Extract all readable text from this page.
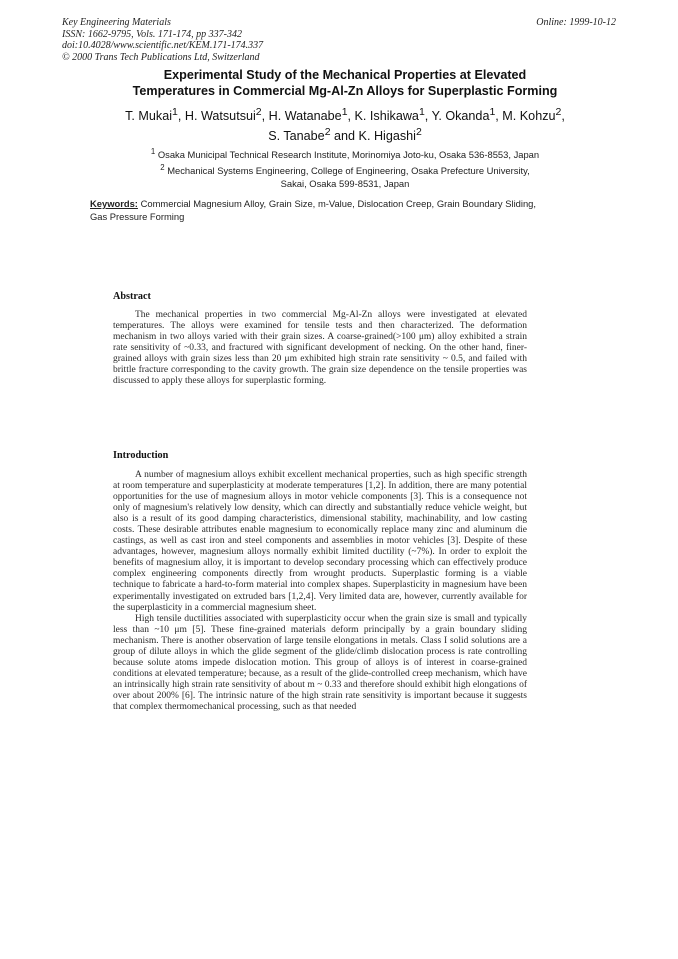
Key Engineering Materials
ISSN: 1662-9795, Vols. 171-174, pp 337-342
doi:10.4028/www.scientific.net/KEM.171-174.337
© 2000 Trans Tech Publications Ltd, Switzerland
Online: 1999-10-12
Experimental Study of the Mechanical Properties at Elevated
Temperatures in Commercial Mg-Al-Zn Alloys for Superplastic Forming
T. Mukai$^1$, H. Watsutsui$^2$, H. Watanabe$^1$, K. Ishikawa$^1$, Y. Okanda$^1$, M. Kohzu$^2$,
S. Tanabe$^2$ and K. Higashi$^2$
$^1$ Osaka Municipal Technical Research Institute, Morinomiya Joto-ku, Osaka 536-8553, Japan
$^2$ Mechanical Systems Engineering, College of Engineering, Osaka Prefecture University,
Sakai, Osaka 599-8531, Japan
Keywords: Commercial Magnesium Alloy, Grain Size, m-Value, Dislocation Creep, Grain Boundary Sliding, Gas Pressure Forming
Abstract

The mechanical properties in two commercial Mg-Al-Zn alloys were investigated at elevated temperatures. The alloys were examined for tensile tests and then characterized. The deformation mechanism in two alloys varied with their grain sizes. A coarse-grained(>100 μm) alloy exhibited a strain rate sensitivity of ~0.33, and fractured with significant development of necking. On the other hand, finer-grained alloys with grain sizes less than 20 μm exhibited high strain rate sensitivity ~ 0.5, and failed with brittle fracture corresponding to the cavity growth. The grain size dependence on the tensile properties was discussed to apply these alloys for superplastic forming.

Introduction

A number of magnesium alloys exhibit excellent mechanical properties, such as high specific strength at room temperature and superplasticity at moderate temperatures [1,2]. In addition, there are many potential opportunities for the use of magnesium alloys in motor vehicle components [3]. This is a consequence not only of magnesium's relatively low density, which can directly and substantially reduce vehicle weight, but also is a result of its good damping characteristics, dimensional stability, machinability, and low casting costs. These desirable attributes enable magnesium to economically replace many zinc and aluminum die castings, as well as cast iron and steel components and assemblies in motor vehicles [3]. Despite of these advantages, however, magnesium alloys normally exhibit limited ductility (~7%). In order to exploit the benefits of magnesium alloy, it is important to develop secondary processing which can effectively produce complex engineering components directly from wrought products. Superplastic forming is a viable technique to fabricate a hard-to-form material into complex shapes. Superplasticity in magnesium have been experimentally investigated on extruded bars [1,2,4]. Very limited data are, however, currently available for the superplasticity in a commercial magnesium sheet.

High tensile ductilities associated with superplasticity occur when the grain size is small and typically less than ~10 μm [5]. These fine-grained materials deform principally by a grain boundary sliding mechanism. There is another observation of large tensile elongations in metals. Class I solid solutions are a group of dilute alloys in which the glide segment of the glide/climb dislocation process is rate controlling because solute atoms impede dislocation motion. This group of alloys is of interest in coarse-grained conditions at elevated temperature; because, as a result of the glide-controlled creep mechanism, which have an intrinsically high strain rate sensitivity of about m ~ 0.33 and therefore should exhibit high elongations of over about 200% [6]. The intrinsic nature of the high strain rate sensitivity is important because it suggests that complex thermomechanical processing, such as that needed
